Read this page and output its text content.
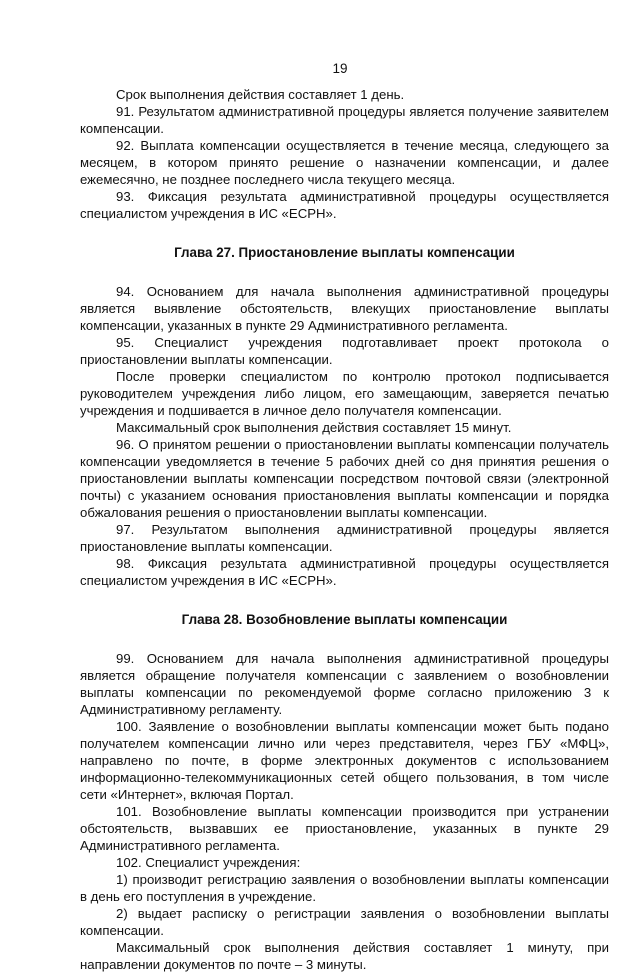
19

Срок выполнения действия составляет 1 день.

91. Результатом административной процедуры является получение заявителем компенсации.

92. Выплата компенсации осуществляется в течение месяца, следующего за месяцем, в котором принято решение о назначении компенсации, и далее ежемесячно, не позднее последнего числа текущего месяца.

93. Фиксация результата административной процедуры осуществляется специалистом учреждения в ИС «ЕСРН».

Глава 27. Приостановление выплаты компенсации

94. Основанием для начала выполнения административной процедуры является выявление обстоятельств, влекущих приостановление выплаты компенсации, указанных в пункте 29 Административного регламента.

95. Специалист учреждения подготавливает проект протокола о приостановлении выплаты компенсации.

После проверки специалистом по контролю протокол подписывается руководителем учреждения либо лицом, его замещающим, заверяется печатью учреждения и подшивается в личное дело получателя компенсации.

Максимальный срок выполнения действия составляет 15 минут.

96. О принятом решении о приостановлении выплаты компенсации получатель компенсации уведомляется в течение 5 рабочих дней со дня принятия решения о приостановлении выплаты компенсации посредством почтовой связи (электронной почты) с указанием основания приостановления выплаты компенсации и порядка обжалования решения о приостановлении выплаты компенсации.

97. Результатом выполнения административной процедуры является приостановление выплаты компенсации.

98. Фиксация результата административной процедуры осуществляется специалистом учреждения в ИС «ЕСРН».

Глава 28. Возобновление выплаты компенсации

99. Основанием для начала выполнения административной процедуры является обращение получателя компенсации с заявлением о возобновлении выплаты компенсации по рекомендуемой форме согласно приложению 3 к Административному регламенту.

100. Заявление о возобновлении выплаты компенсации может быть подано получателем компенсации лично или через представителя, через ГБУ «МФЦ», направлено по почте, в форме электронных документов с использованием информационно-телекоммуникационных сетей общего пользования, в том числе сети «Интернет», включая Портал.

101. Возобновление выплаты компенсации производится при устранении обстоятельств, вызвавших ее приостановление, указанных в пункте 29 Административного регламента.

102. Специалист учреждения:

1) производит регистрацию заявления о возобновлении выплаты компенсации в день его поступления в учреждение.

2) выдает расписку о регистрации заявления о возобновлении выплаты компенсации.

Максимальный срок выполнения действия составляет 1 минуту, при направлении документов по почте – 3 минуты.
